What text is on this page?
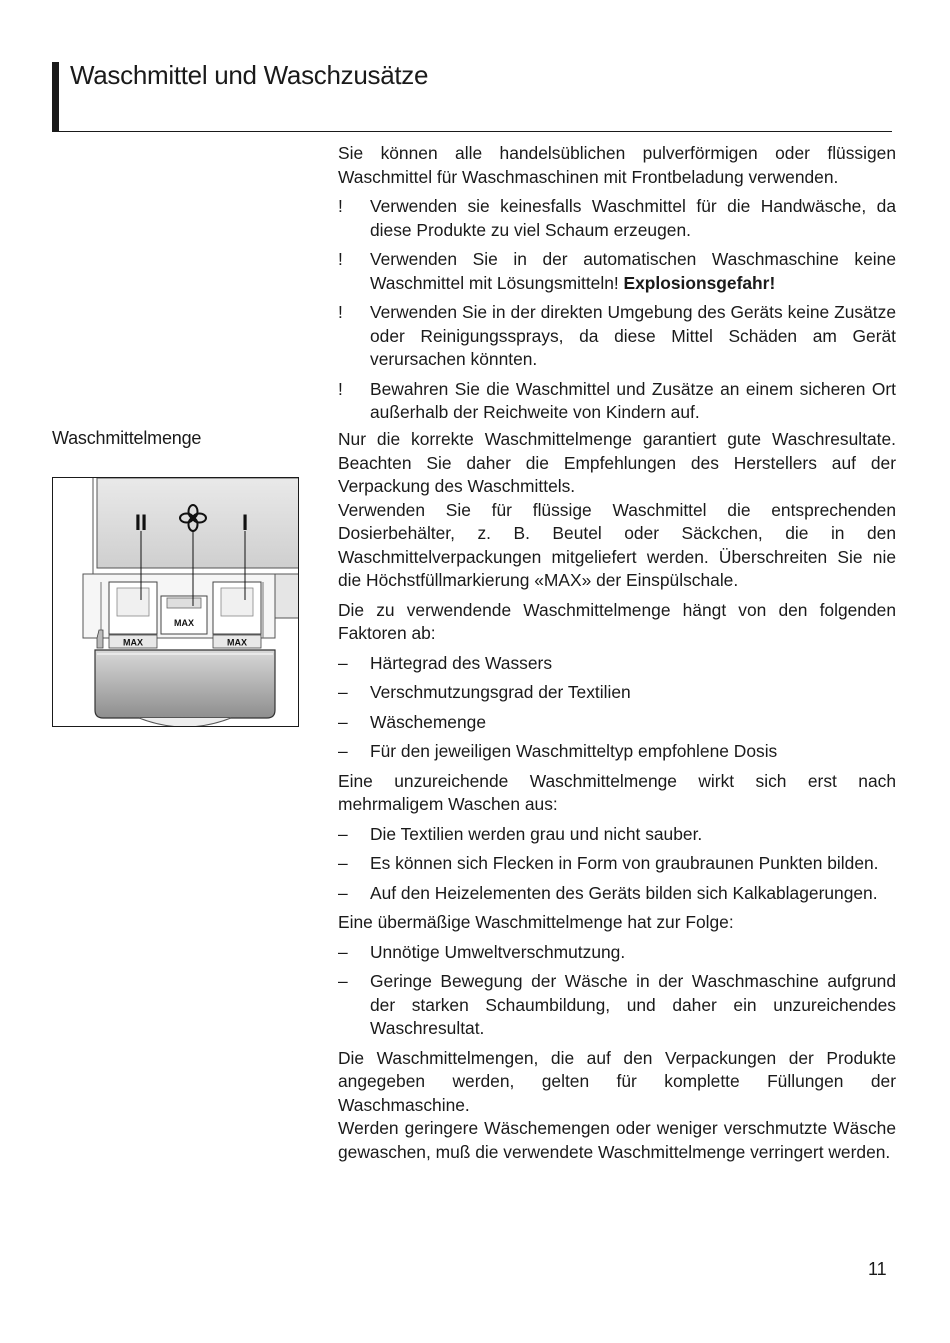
Waschmittel und Waschzusätze
Waschmittelmenge
MAX
MAX
MAX
II	I

Sie können alle handelsüblichen pulverförmigen oder flüssigen Waschmittel für Waschmaschinen mit Frontbeladung verwenden.

! Verwenden sie keinesfalls Waschmittel für die Handwäsche, da diese Produkte zu viel Schaum erzeugen.
! Verwenden Sie in der automatischen Waschmaschine keine Waschmittel mit Lösungsmitteln! Explosionsgefahr!
! Verwenden Sie in der direkten Umgebung des Geräts keine Zusätze oder Reinigungssprays, da diese Mittel Schäden am Gerät verursachen könnten.
! Bewahren Sie die Waschmittel und Zusätze an einem sicheren Ort außerhalb der Reichweite von Kindern auf.

Nur die korrekte Waschmittelmenge garantiert gute Waschresultate. Beachten Sie daher die Empfehlungen des Herstellers auf der Verpackung des Waschmittels.

Verwenden Sie für flüssige Waschmittel die entsprechenden Dosierbehälter, z. B. Beutel oder Säckchen, die in den Waschmittelverpackungen mitgeliefert werden. Überschreiten Sie nie die Höchstfüllmarkierung «MAX» der Einspülschale.

Die zu verwendende Waschmittelmenge hängt von den folgenden Faktoren ab:

– Härtegrad des Wassers
– Verschmutzungsgrad der Textilien
– Wäschemenge
– Für den jeweiligen Waschmitteltyp empfohlene Dosis

Eine unzureichende Waschmittelmenge wirkt sich erst nach mehrmaligem Waschen aus:

– Die Textilien werden grau und nicht sauber.
– Es können sich Flecken in Form von graubraunen Punkten bilden.
– Auf den Heizelementen des Geräts bilden sich Kalkablagerungen.

Eine übermäßige Waschmittelmenge hat zur Folge:

– Unnötige Umweltverschmutzung.
– Geringe Bewegung der Wäsche in der Waschmaschine aufgrund der starken Schaumbildung, und daher ein unzureichendes Waschresultat.

Die Waschmittelmengen, die auf den Verpackungen der Produkte angegeben werden, gelten für komplette Füllungen der Waschmaschine.

Werden geringere Wäschemengen oder weniger verschmutzte Wäsche gewaschen, muß die verwendete Waschmittelmenge verringert werden.

11
